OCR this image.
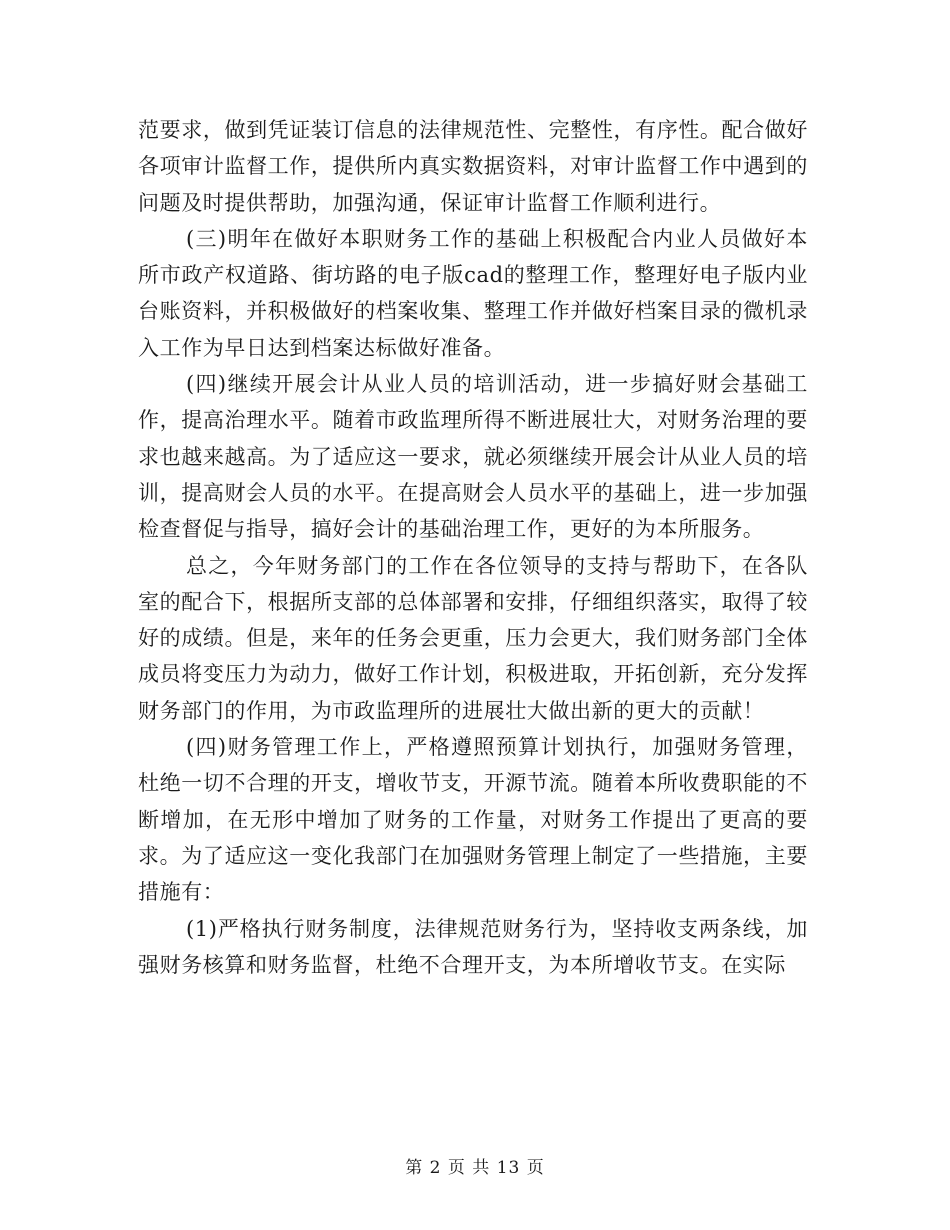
范要求，做到凭证装订信息的法律规范性、完整性，有序性。配合做好各项审计监督工作，提供所内真实数据资料，对审计监督工作中遇到的问题及时提供帮助，加强沟通，保证审计监督工作顺利进行。

(三)明年在做好本职财务工作的基础上积极配合内业人员做好本所市政产权道路、街坊路的电子版cad的整理工作，整理好电子版内业台账资料，并积极做好的档案收集、整理工作并做好档案目录的微机录入工作为早日达到档案达标做好准备。

(四)继续开展会计从业人员的培训活动，进一步搞好财会基础工作，提高治理水平。随着市政监理所得不断进展壮大，对财务治理的要求也越来越高。为了适应这一要求，就必须继续开展会计从业人员的培训，提高财会人员的水平。在提高财会人员水平的基础上，进一步加强检查督促与指导，搞好会计的基础治理工作，更好的为本所服务。

总之，今年财务部门的工作在各位领导的支持与帮助下，在各队室的配合下，根据所支部的总体部署和安排，仔细组织落实，取得了较好的成绩。但是，来年的任务会更重，压力会更大，我们财务部门全体成员将变压力为动力，做好工作计划，积极进取，开拓创新，充分发挥财务部门的作用，为市政监理所的进展壮大做出新的更大的贡献！

(四)财务管理工作上，严格遵照预算计划执行，加强财务管理，杜绝一切不合理的开支，增收节支，开源节流。随着本所收费职能的不断增加，在无形中增加了财务的工作量，对财务工作提出了更高的要求。为了适应这一变化我部门在加强财务管理上制定了一些措施，主要措施有：

(1)严格执行财务制度，法律规范财务行为，坚持收支两条线，加强财务核算和财务监督，杜绝不合理开支，为本所增收节支。在实际

第 2 页 共 13 页
